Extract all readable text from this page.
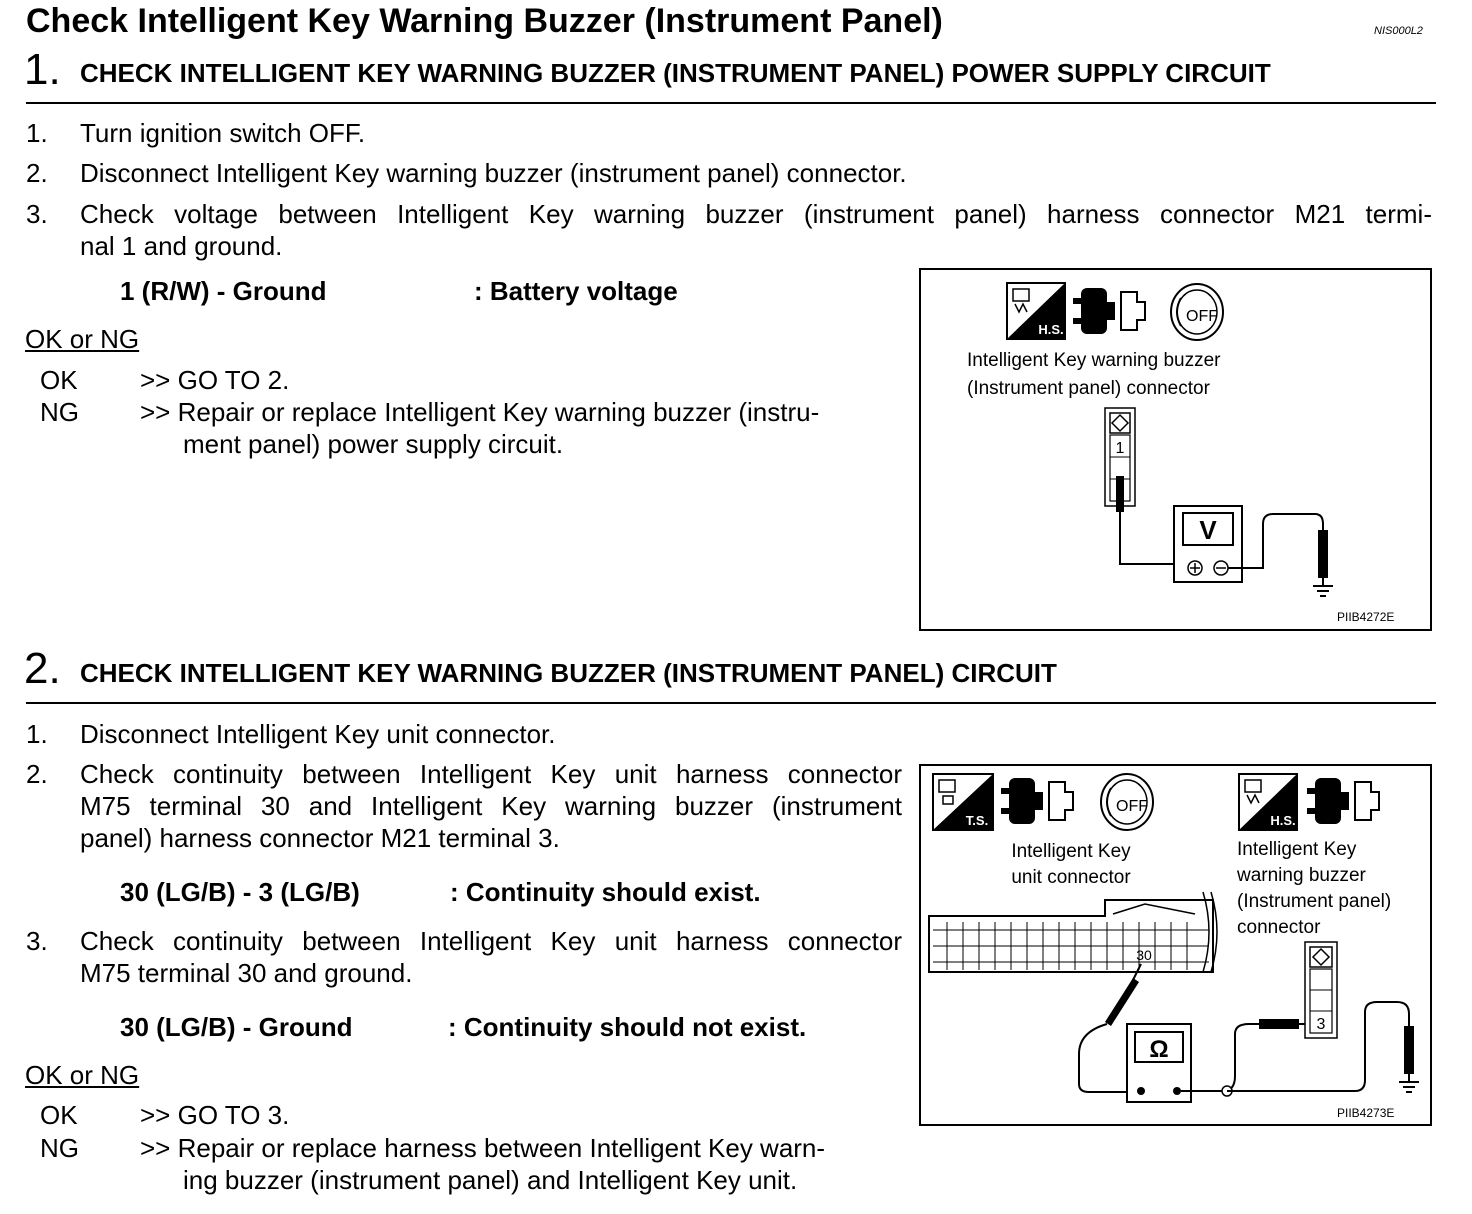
Check Intelligent Key Warning Buzzer (Instrument Panel)	NIS000L2
1. CHECK INTELLIGENT KEY WARNING BUZZER (INSTRUMENT PANEL) POWER SUPPLY CIRCUIT
1. Turn ignition switch OFF.
2. Disconnect Intelligent Key warning buzzer (instrument panel) connector.
3. Check voltage between Intelligent Key warning buzzer (instrument panel) harness connector M21 termi-
nal 1 and ground.
1 (R/W) - Ground	: Battery voltage
OK or NG
OK >> GO TO 2.
NG >> Repair or replace Intelligent Key warning buzzer (instru-
ment panel) power supply circuit.
H.S.
OFF
Intelligent Key warning buzzer
(Instrument panel) connector
1
V
PIIB4272E
2. CHECK INTELLIGENT KEY WARNING BUZZER (INSTRUMENT PANEL) CIRCUIT
1. Disconnect Intelligent Key unit connector.
2. Check continuity between Intelligent Key unit harness connector
M75 terminal 30 and Intelligent Key warning buzzer (instrument
panel) harness connector M21 terminal 3.
30 (LG/B) - 3 (LG/B)	: Continuity should exist.
3. Check continuity between Intelligent Key unit harness connector
M75 terminal 30 and ground.
30 (LG/B) - Ground	: Continuity should not exist.
OK or NG
OK >> GO TO 3.
NG >> Repair or replace harness between Intelligent Key warn-
ing buzzer (instrument panel) and Intelligent Key unit.
T.S.
OFF
H.S.
Intelligent Key
unit connector
Intelligent Key
warning buzzer
(Instrument panel)
connector
30
Ω
3
PIIB4273E
